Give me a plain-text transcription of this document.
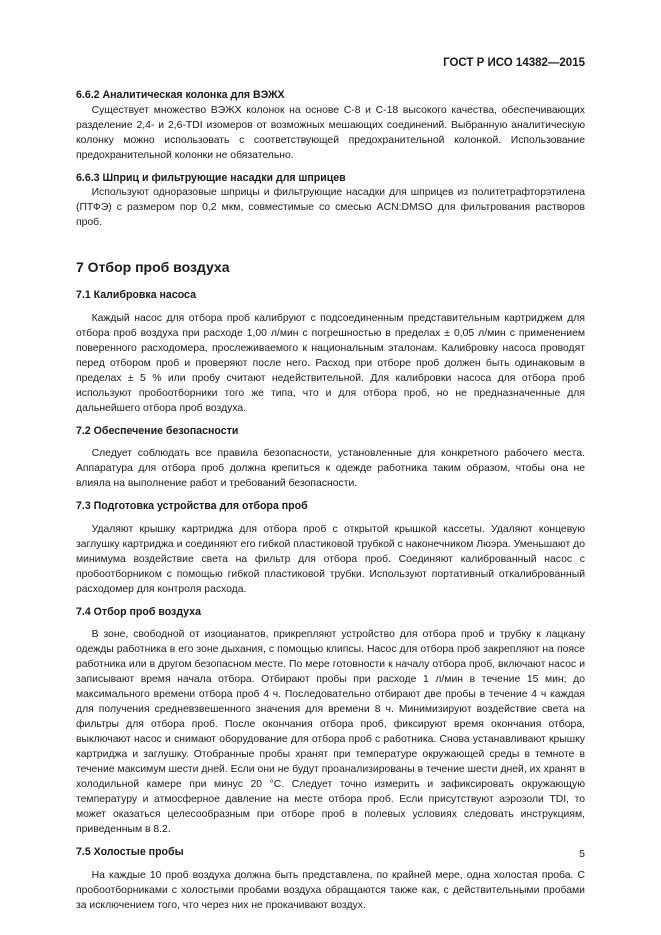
ГОСТ Р ИСО 14382—2015
6.6.2 Аналитическая колонка для ВЭЖХ
  Существует множество ВЭЖХ колонок на основе C-8 и C-18 высокого качества, обеспечивающих разделение 2,4- и 2,6-TDI изомеров от возможных мешающих соединений. Выбранную аналитическую колонку можно использовать с соответствующей предохранительной колонкой. Использование предохранительной колонки не обязательно.
6.6.3 Шприц и фильтрующие насадки для шприцев
  Используют одноразовые шприцы и фильтрующие насадки для шприцев из политетрафторэтилена (ПТФЭ) с размером пор 0,2 мкм, совместимые со смесью ACN:DMSO для фильтрования растворов проб.
7 Отбор проб воздуха
7.1 Калибровка насоса
  Каждый насос для отбора проб калибруют с подсоединенным представительным картриджем для отбора проб воздуха при расходе 1,00 л/мин с погрешностью в пределах ± 0,05 л/мин с применением поверенного расходомера, прослеживаемого к национальным эталонам. Калибровку насоса проводят перед отбором проб и проверяют после него. Расход при отборе проб должен быть одинаковым в пределах ± 5 % или пробу считают недействительной. Для калибровки насоса для отбора проб используют пробоотборники того же типа, что и для отбора проб, но не предназначенные для дальнейшего отбора проб воздуха.
7.2 Обеспечение безопасности
  Следует соблюдать все правила безопасности, установленные для конкретного рабочего места. Аппаратура для отбора проб должна крепиться к одежде работника таким образом, чтобы она не влияла на выполнение работ и требований безопасности.
7.3 Подготовка устройства для отбора проб
  Удаляют крышку картриджа для отбора проб с открытой крышкой кассеты. Удаляют концевую заглушку картриджа и соединяют его гибкой пластиковой трубкой с наконечником Люэра. Уменьшают до минимума воздействие света на фильтр для отбора проб. Соединяют калиброванный насос с пробоотборником с помощью гибкой пластиковой трубки. Используют портативный откалиброванный расходомер для контроля расхода.
7.4 Отбор проб воздуха
  В зоне, свободной от изоцианатов, прикрепляют устройство для отбора проб и трубку к лацкану одежды работника в его зоне дыхания, с помощью клипсы. Насос для отбора проб закрепляют на поясе работника или в другом безопасном месте. По мере готовности к началу отбора проб, включают насос и записывают время начала отбора. Отбирают пробы при расходе 1 л/мин в течение 15 мин; до максимального времени отбора проб 4 ч. Последовательно отбирают две пробы в течение 4 ч каждая для получения средневзвешенного значения для времени 8 ч. Минимизируют воздействие света на фильтры для отбора проб. После окончания отбора проб, фиксируют время окончания отбора, выключают насос и снимают оборудование для отбора проб с работника. Снова устанавливают крышку картриджа и заглушку. Отобранные пробы хранят при температуре окружающей среды в темноте в течение максимум шести дней. Если они не будут проанализированы в течение шести дней, их хранят в холодильной камере при минус 20 °C. Следует точно измерить и зафиксировать окружающую температуру и атмосферное давление на месте отбора проб. Если присутствуют аэрозоли TDI, то может оказаться целесообразным при отборе проб в полевых условиях следовать инструкциям, приведенным в 8.2.
7.5 Холостые пробы
  На каждые 10 проб воздуха должна быть представлена, по крайней мере, одна холостая проба. С пробоотборниками с холостыми пробами воздуха обращаются также как, с действительными пробами за исключением того, что через них не прокачивают воздух.
5
